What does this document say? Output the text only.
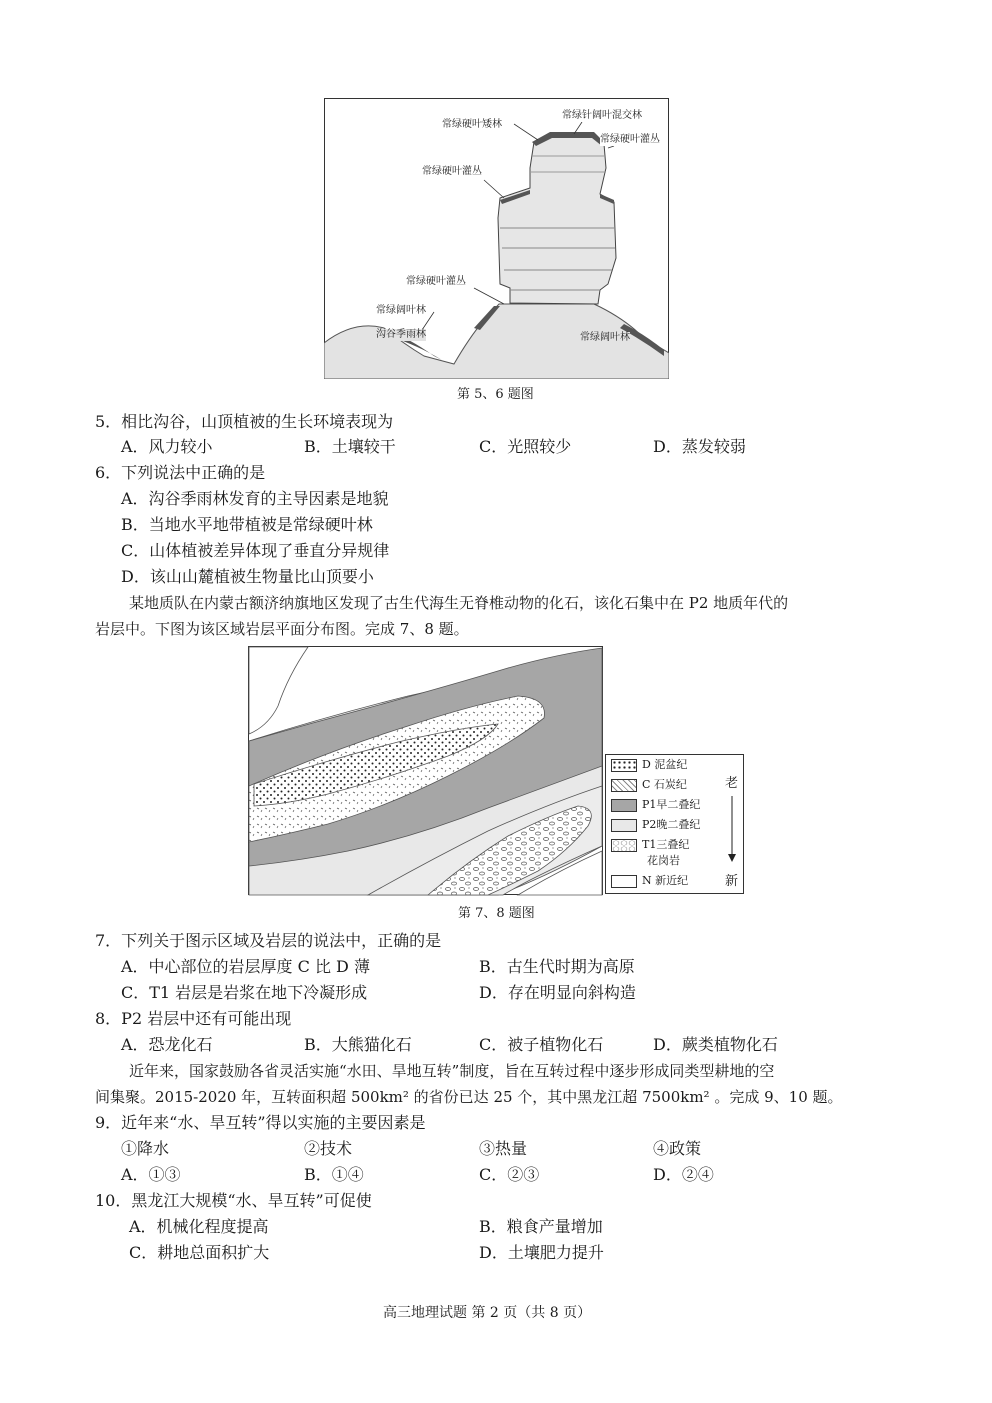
常绿硬叶矮林
常绿针阔叶混交林
常绿硬叶灌丛
常绿硬叶灌丛
常绿硬叶灌丛
常绿阔叶林
沟谷季雨林	常绿阔叶林
第 5、6 题图
5．相比沟谷，山顶植被的生长环境表现为
A．风力较小	B．土壤较干	C．光照较少	D．蒸发较弱
6．下列说法中正确的是
A．沟谷季雨林发育的主导因素是地貌
B．当地水平地带植被是常绿硬叶林
C．山体植被差异体现了垂直分异规律
D．该山山麓植被生物量比山顶要小
某地质队在内蒙古额济纳旗地区发现了古生代海生无脊椎动物的化石，该化石集中在 P2 地质年代的
岩层中。下图为该区域岩层平面分布图。完成 7、8 题。
D 泥盆纪
C 石炭纪
P1早二叠纪
P2晚二叠纪
T1三叠纪
花岗岩
N 新近纪
老
新
第 7、8 题图
7．下列关于图示区域及岩层的说法中，正确的是
A．中心部位的岩层厚度 C 比 D 薄	B．古生代时期为高原
C．T1 岩层是岩浆在地下冷凝形成	D．存在明显向斜构造
8．P2 岩层中还有可能出现
A．恐龙化石	B．大熊猫化石	C．被子植物化石	D．蕨类植物化石
近年来，国家鼓励各省灵活实施“水田、旱地互转”制度，旨在互转过程中逐步形成同类型耕地的空
间集聚。2015-2020 年，互转面积超 500km² 的省份已达 25 个，其中黑龙江超 7500km² 。完成 9、10 题。
9．近年来“水、旱互转”得以实施的主要因素是
①降水	②技术	③热量	④政策
A．①③	B．①④	C．②③	D．②④
10．黑龙江大规模“水、旱互转”可促使
A．机械化程度提高	B．粮食产量增加
C．耕地总面积扩大	D．土壤肥力提升
高三地理试题 第 2 页（共 8 页）
